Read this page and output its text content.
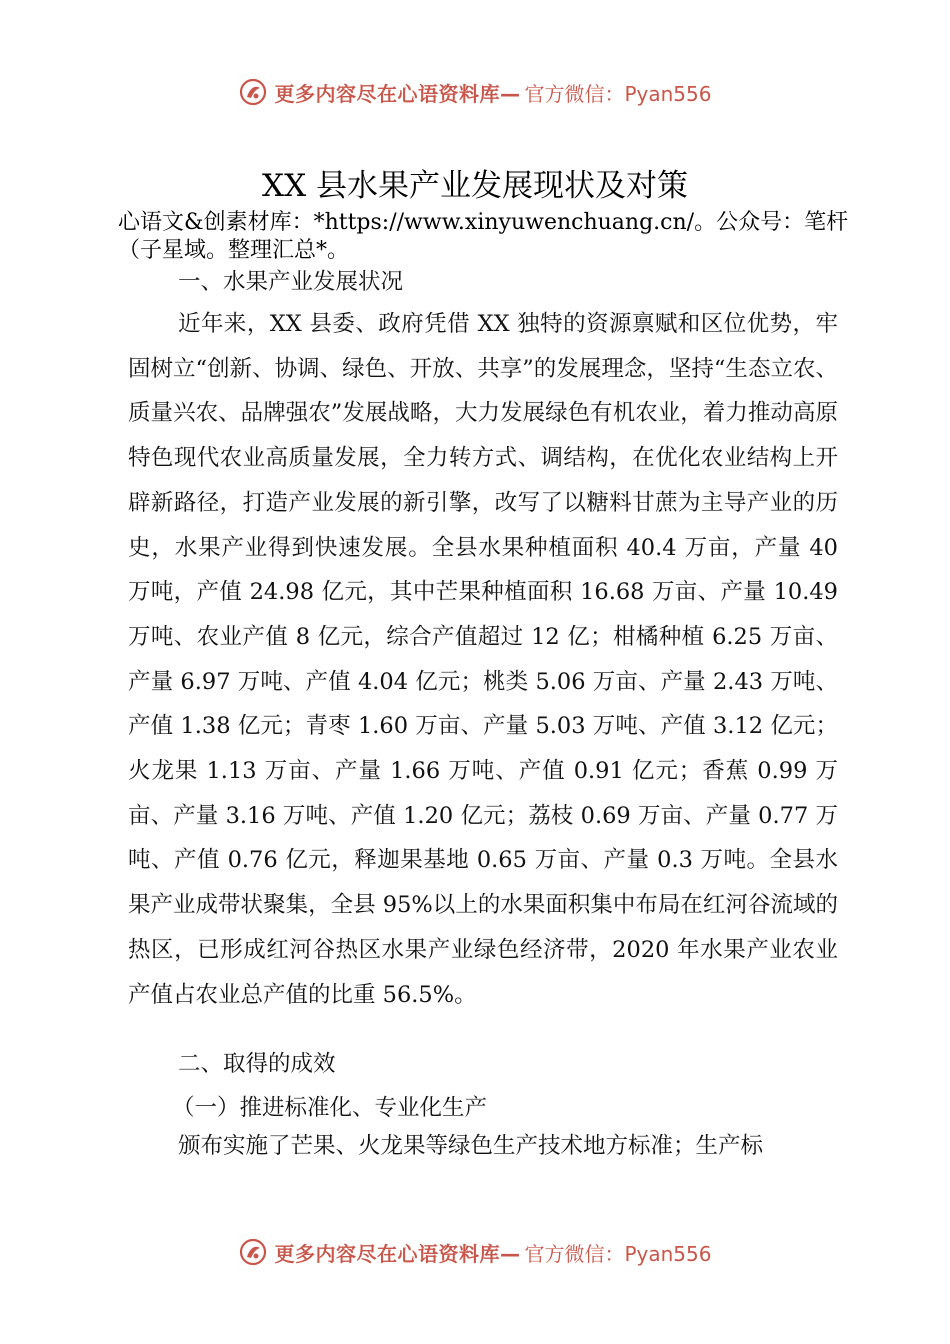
更多内容尽在心语资料库— 官方微信：Pyan556
XX 县水果产业发展现状及对策
心语文&创素材库：*https://www.xinyuwenchuang.cn/。公众号：笔杆（子星域。整理汇总*。
一、水果产业发展状况
近年来，XX 县委、政府凭借 XX 独特的资源禀赋和区位优势，牢固树立“创新、协调、绿色、开放、共享”的发展理念，坚持“生态立农、质量兴农、品牌强农”发展战略，大力发展绿色有机农业，着力推动高原特色现代农业高质量发展，全力转方式、调结构，在优化农业结构上开辟新路径，打造产业发展的新引擎，改写了以糖料甘蔗为主导产业的历史，水果产业得到快速发展。全县水果种植面积 40.4 万亩，产量 40 万吨，产值 24.98 亿元，其中芒果种植面积 16.68 万亩、产量 10.49 万吨、农业产值 8 亿元，综合产值超过 12 亿；柑橘种植 6.25 万亩、产量 6.97 万吨、产值 4.04 亿元；桃类 5.06 万亩、产量 2.43 万吨、产值 1.38 亿元；青枣 1.60 万亩、产量 5.03 万吨、产值 3.12 亿元；火龙果 1.13 万亩、产量 1.66 万吨、产值 0.91 亿元；香蕉 0.99 万亩、产量 3.16 万吨、产值 1.20 亿元；荔枝 0.69 万亩、产量 0.77 万吨、产值 0.76 亿元，释迦果基地 0.65 万亩、产量 0.3 万吨。全县水果产业成带状聚集，全县 95%以上的水果面积集中布局在红河谷流域的热区，已形成红河谷热区水果产业绿色经济带，2020 年水果产业农业产值占农业总产值的比重 56.5%。
二、取得的成效
（一）推进标准化、专业化生产
颁布实施了芒果、火龙果等绿色生产技术地方标准；生产标
更多内容尽在心语资料库— 官方微信：Pyan556
